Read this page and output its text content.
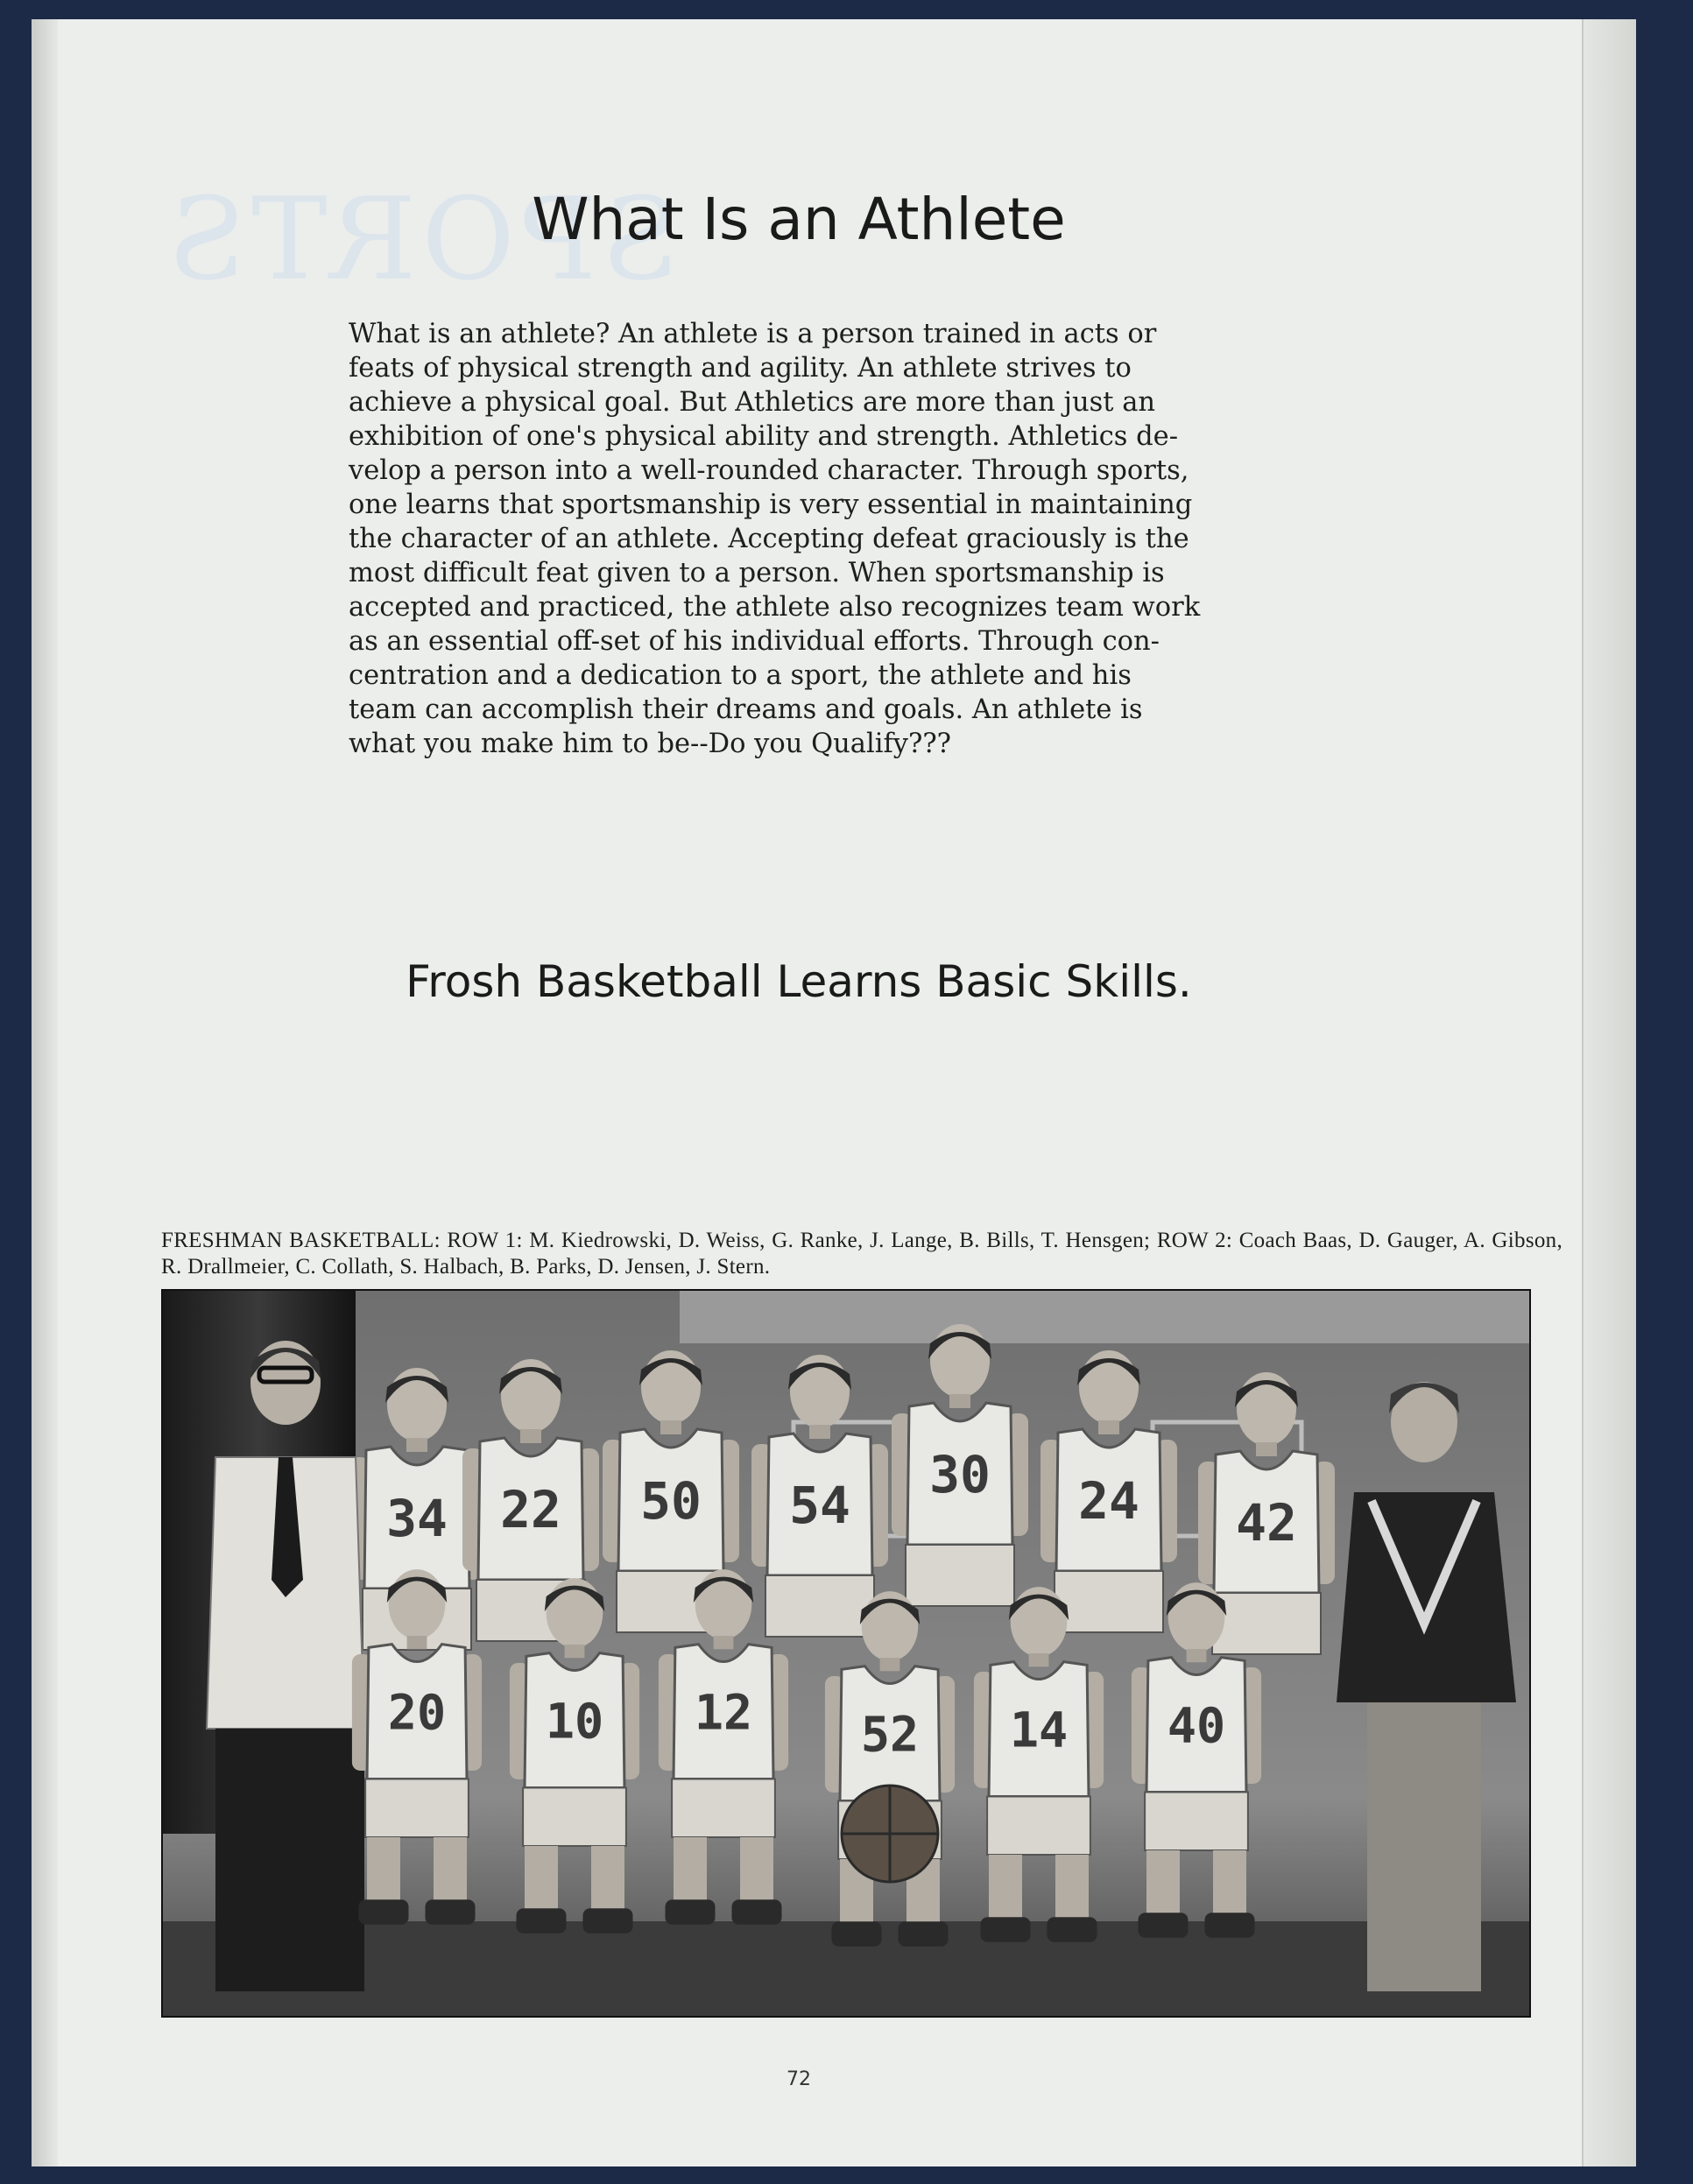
SPORTS
What Is an Athlete

What is an athlete? An athlete is a person trained in acts or
feats of physical strength and agility. An athlete strives to
achieve a physical goal. But Athletics are more than just an
exhibition of one's physical ability and strength. Athletics de-
velop a person into a well-rounded character. Through sports,
one learns that sportsmanship is very essential in maintaining
the character of an athlete. Accepting defeat graciously is the
most difficult feat given to a person. When sportsmanship is
accepted and practiced, the athlete also recognizes team work
as an essential off-set of his individual efforts. Through con-
centration and a dedication to a sport, the athlete and his
team can accomplish their dreams and goals. An athlete is
what you make him to be--Do you Qualify???

Frosh Basketball Learns Basic Skills.

FRESHMAN BASKETBALL: ROW 1: M. Kiedrowski, D. Weiss, G. Ranke, J. Lange, B. Bills, T. Hensgen; ROW 2: Coach Baas, D. Gauger, A. Gibson, R. Drallmeier, C. Collath, S. Halbach, B. Parks, D. Jensen, J. Stern.

34 22 50 54
30 24 42
20 10 12 52 14 40
72
